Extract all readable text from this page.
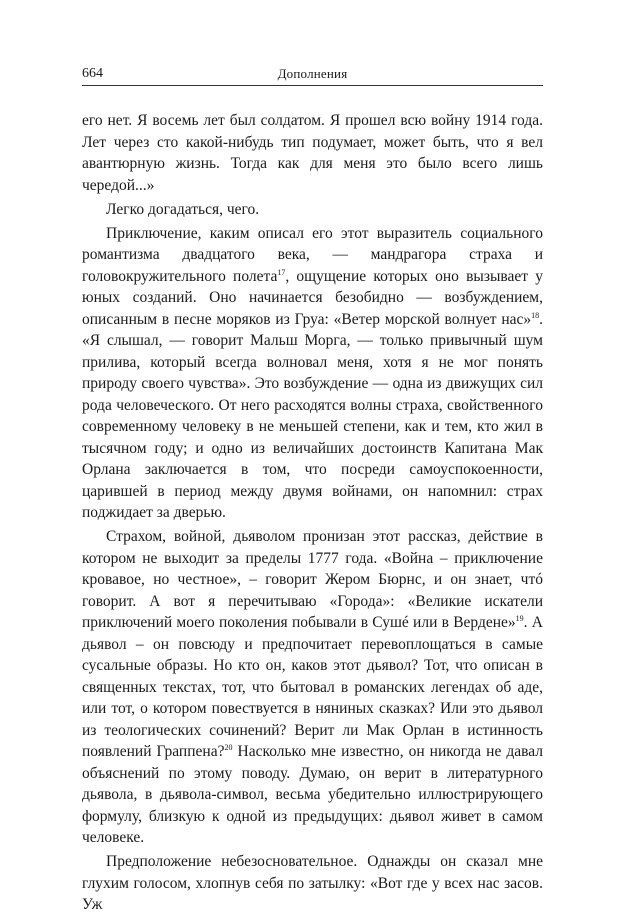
664	Дополнения

его нет. Я восемь лет был солдатом. Я прошел всю войну 1914 года. Лет через сто какой-нибудь тип подумает, может быть, что я вел авантюрную жизнь. Тогда как для меня это было всего лишь чередой...»

Легко догадаться, чего.

Приключение, каким описал его этот выразитель социального романтизма двадцатого века, — мандрагора страха и головокружительного полета$^{17}$, ощущение которых оно вызывает у юных созданий. Оно начинается безобидно — возбуждением, описанным в песне моряков из Груа: «Ветер морской волнует нас»$^{18}$. «Я слышал, — говорит Мальш Морга, — только привычный шум прилива, который всегда волновал меня, хотя я не мог понять природу своего чувства». Это возбуждение — одна из движущих сил рода человеческого. От него расходятся волны страха, свойственного современному человеку в не меньшей степени, как и тем, кто жил в тысячном году; и одно из величайших достоинств Капитана Мак Орлана заключается в том, что посреди самоуспокоенности, царившей в период между двумя войнами, он напомнил: страх поджидает за дверью.

Страхом, войной, дьяволом пронизан этот рассказ, действие в котором не выходит за пределы 1777 года. «Война – приключение кровавое, но честное», – говорит Жером Бюрнс, и он знает, чтó говорит. А вот я перечитываю «Города»: «Великие искатели приключений моего поколения побывали в Сушé или в Вердене»$^{19}$. А дьявол – он повсюду и предпочитает перевоплощаться в самые сусальные образы. Но кто он, каков этот дьявол? Тот, что описан в священных текстах, тот, что бытовал в романских легендах об аде, или тот, о котором повествуется в няниных сказках? Или это дьявол из теологических сочинений? Верит ли Мак Орлан в истинность появлений Граппена?$^{20}$ Насколько мне известно, он никогда не давал объяснений по этому поводу. Думаю, он верит в литературного дьявола, в дьявола-символ, весьма убедительно иллюстрирующего формулу, близкую к одной из предыдущих: дьявол живет в самом человеке.

Предположение небезосновательное. Однажды он сказал мне глухим голосом, хлопнув себя по затылку: «Вот где у всех нас засов. Уж
